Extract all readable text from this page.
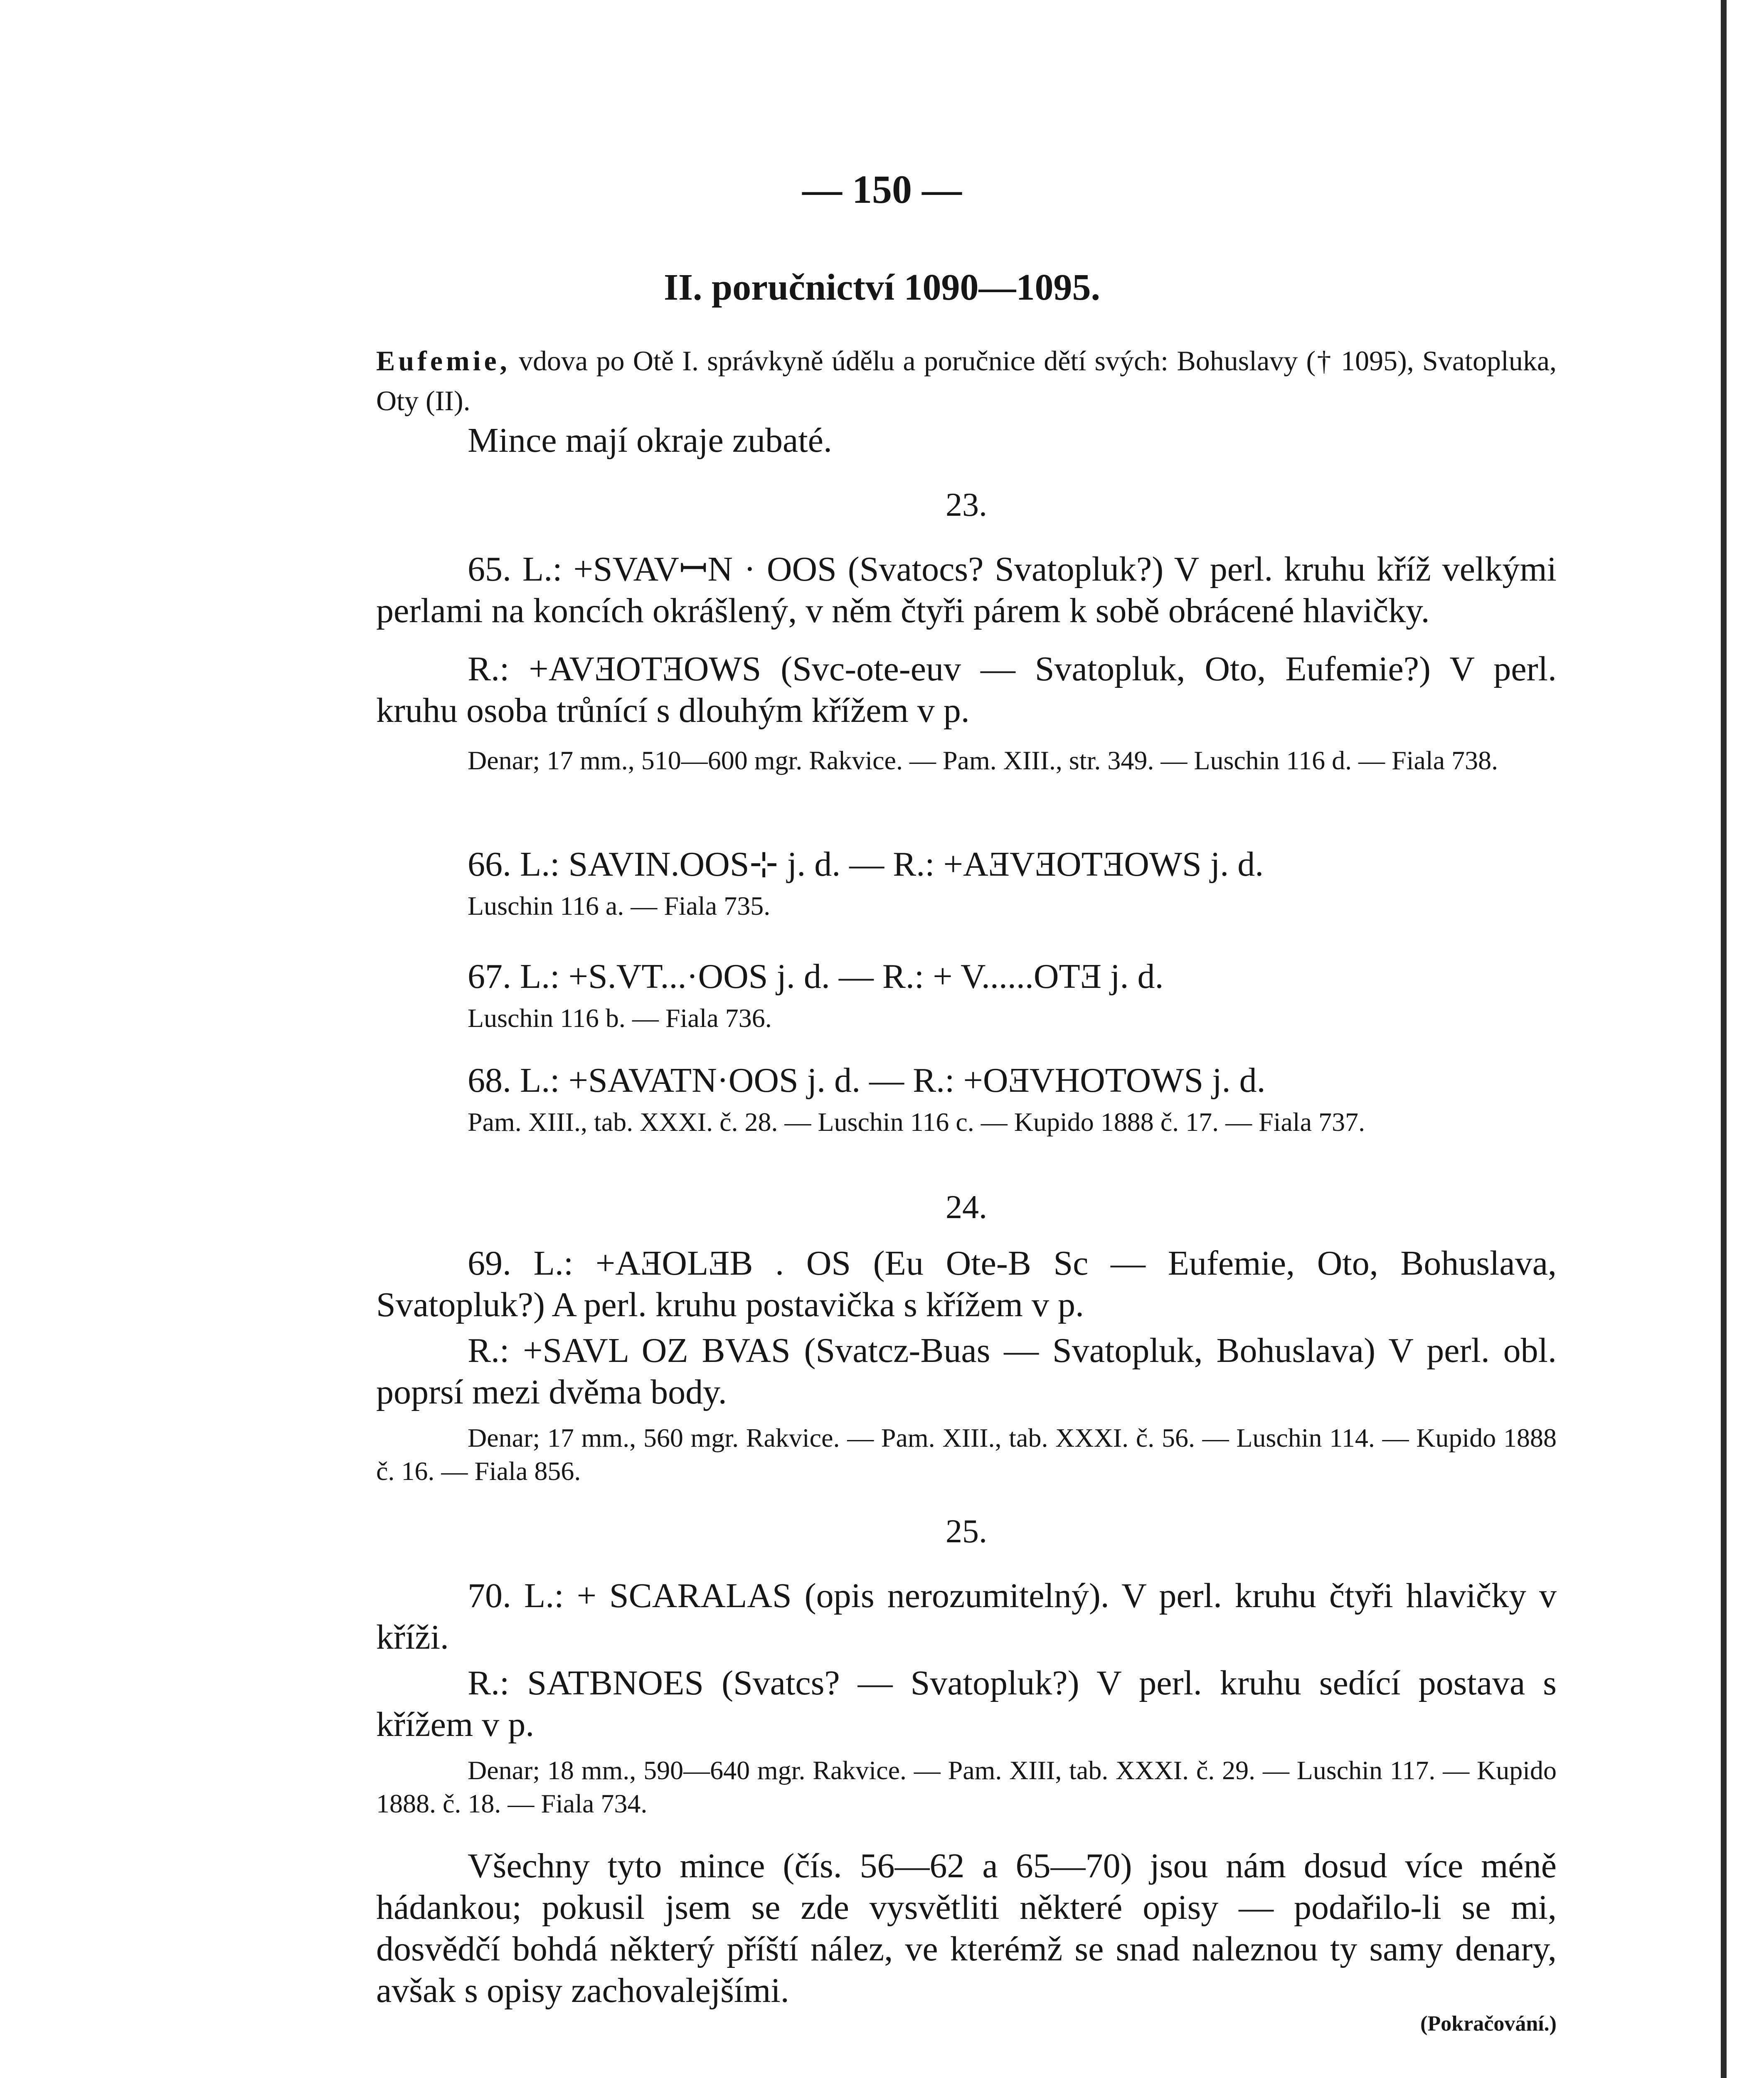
— 150 —
II. poručnictví 1090—1095.
Eufemie, vdova po Otě I. správkyně údělu a poručnice dětí svých: Bohuslavy († 1095), Svatopluka, Oty (II).

Mince mají okraje zubaté.

23.

65. L.: +SVAVꟷN · OOS (Svatocs? Svatopluk?) V perl. kruhu kříž velkými perlami na koncích okrášlený, v něm čtyři párem k sobě obrácené hlavičky.

R.: +AVƎOTƎOWS (Svc-ote-euv — Svatopluk, Oto, Eufemie?) V perl. kruhu osoba trůnící s dlouhým křížem v p.

Denar; 17 mm., 510—600 mgr. Rakvice. — Pam. XIII., str. 349. — Luschin 116 d. — Fiala 738.

66. L.: SAVIN.OOS⊹ j. d. — R.: +AƎVƎOTƎOWS j. d.

Luschin 116 a. — Fiala 735.

67. L.: +S.VT...·OOS j. d. — R.: + V......OTƎ j. d.

Luschin 116 b. — Fiala 736.

68. L.: +SAVATN·OOS j. d. — R.: +OƎVHOTOWS j. d.

Pam. XIII., tab. XXXI. č. 28. — Luschin 116 c. — Kupido 1888 č. 17. — Fiala 737.

24.

69. L.: +AƎOLƎB . OS (Eu Ote-B Sc — Eufemie, Oto, Bohuslava, Svatopluk?) A perl. kruhu postavička s křížem v p.

R.: +SAVL OZ BVAS (Svatcz-Buas — Svatopluk, Bohuslava) V perl. obl. poprsí mezi dvěma body.

Denar; 17 mm., 560 mgr. Rakvice. — Pam. XIII., tab. XXXI. č. 56. — Luschin 114. — Kupido 1888 č. 16. — Fiala 856.

25.

70. L.: + SCARALAS (opis nerozumitelný). V perl. kruhu čtyři hlavičky v kříži.

R.: SATBNOES (Svatcs? — Svatopluk?) V perl. kruhu sedící postava s křížem v p.

Denar; 18 mm., 590—640 mgr. Rakvice. — Pam. XIII, tab. XXXI. č. 29. — Luschin 117. — Kupido 1888. č. 18. — Fiala 734.

Všechny tyto mince (čís. 56—62 a 65—70) jsou nám dosud více méně hádankou; pokusil jsem se zde vysvětliti některé opisy — podařilo-li se mi, dosvědčí bohdá některý příští nález, ve kterémž se snad naleznou ty samy denary, avšak s opisy zachovalejšími.

(Pokračování.)
